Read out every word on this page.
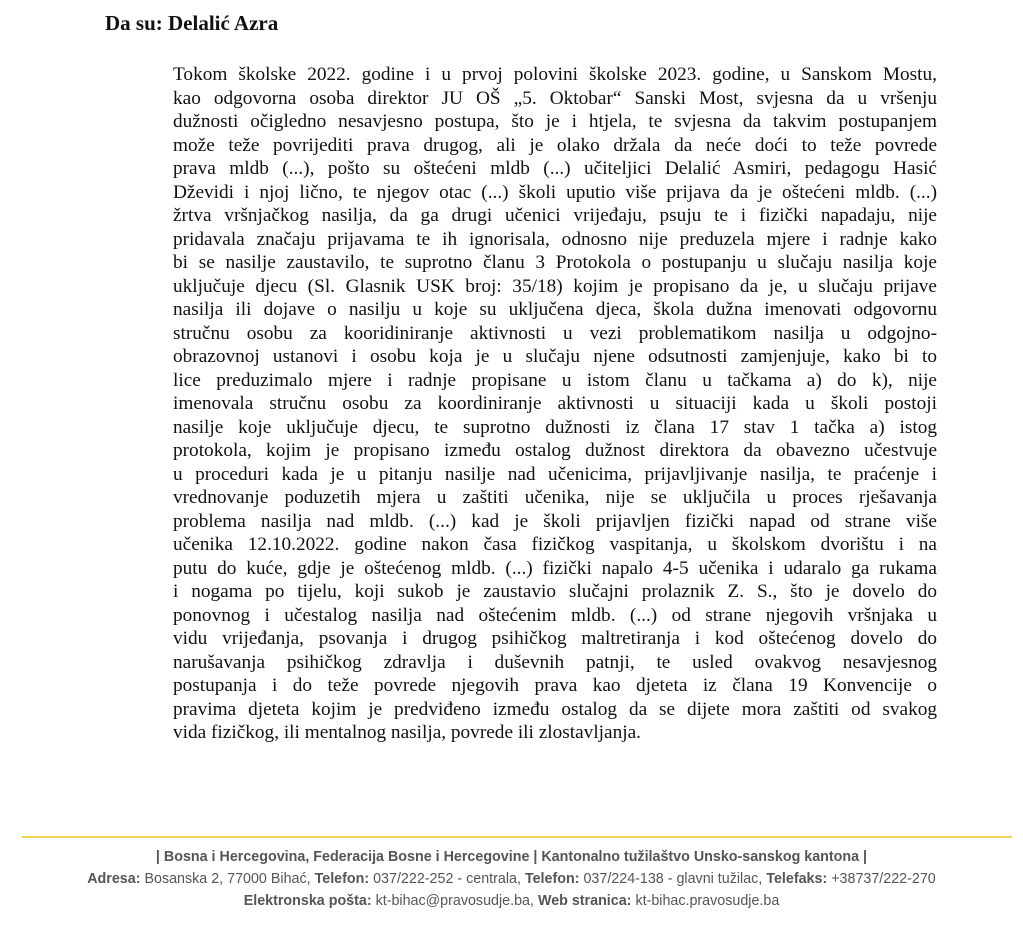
Da su: Delalić Azra
Tokom školske 2022. godine i u prvoj polovini školske 2023. godine, u Sanskom Mostu,
kao odgovorna osoba direktor JU OŠ „5. Oktobar“ Sanski Most, svjesna da u vršenju
dužnosti očigledno nesavjesno postupa, što je i htjela, te svjesna da takvim postupanjem
može teže povrijediti prava drugog, ali je olako držala da neće doći to teže povrede
prava mldb (...), pošto su oštećeni mldb (...) učiteljici Delalić Asmiri, pedagogu Hasić
Dževidi i njoj lično, te njegov otac (...) školi uputio više prijava da je oštećeni mldb. (...)
žrtva vršnjačkog nasilja, da ga drugi učenici vrijeđaju, psuju te i fizički napadaju, nije
pridavala značaju prijavama te ih ignorisala, odnosno nije preduzela mjere i radnje kako
bi se nasilje zaustavilo, te suprotno članu 3 Protokola o postupanju u slučaju nasilja koje
uključuje djecu (Sl. Glasnik USK broj: 35/18) kojim je propisano da je, u slučaju prijave
nasilja ili dojave o nasilju u koje su uključena djeca, škola dužna imenovati odgovornu
stručnu osobu za kooridiniranje aktivnosti u vezi problematikom nasilja u odgojno-
obrazovnoj ustanovi i osobu koja je u slučaju njene odsutnosti zamjenjuje, kako bi to
lice preduzimalo mjere i radnje propisane u istom članu u tačkama a) do k), nije
imenovala stručnu osobu za koordiniranje aktivnosti u situaciji kada u školi postoji
nasilje koje uključuje djecu, te suprotno dužnosti iz člana 17 stav 1 tačka a) istog
protokola, kojim je propisano između ostalog dužnost direktora da obavezno učestvuje
u proceduri kada je u pitanju nasilje nad učenicima, prijavljivanje nasilja, te praćenje i
vrednovanje poduzetih mjera u zaštiti učenika, nije se uključila u proces rješavanja
problema nasilja nad mldb. (...) kad je školi prijavljen fizički napad od strane više
učenika 12.10.2022. godine nakon časa fizičkog vaspitanja, u školskom dvorištu i na
putu do kuće, gdje je oštećenog mldb. (...) fizički napalo 4-5 učenika i udaralo ga rukama
i nogama po tijelu, koji sukob je zaustavio slučajni prolaznik Z. S., što je dovelo do
ponovnog i učestalog nasilja nad oštećenim mldb. (...) od strane njegovih vršnjaka u
vidu vrijeđanja, psovanja i drugog psihičkog maltretiranja i kod oštećenog dovelo do
narušavanja psihičkog zdravlja i duševnih patnji, te usled ovakvog nesavjesnog
postupanja i do teže povrede njegovih prava kao djeteta iz člana 19 Konvencije o
pravima djeteta kojim je predviđeno između ostalog da se dijete mora zaštiti od svakog
vida fizičkog, ili mentalnog nasilja, povrede ili zlostavljanja.
| Bosna i Hercegovina, Federacija Bosne i Hercegovine | Kantonalno tužilaštvo Unsko-sanskog kantona |
Adresa: Bosanska 2, 77000 Bihać, Telefon: 037/222-252 - centrala, Telefon: 037/224-138 - glavni tužilac, Telefaks: +38737/222-270
Elektronska pošta: kt-bihac@pravosudje.ba, Web stranica: kt-bihac.pravosudje.ba
